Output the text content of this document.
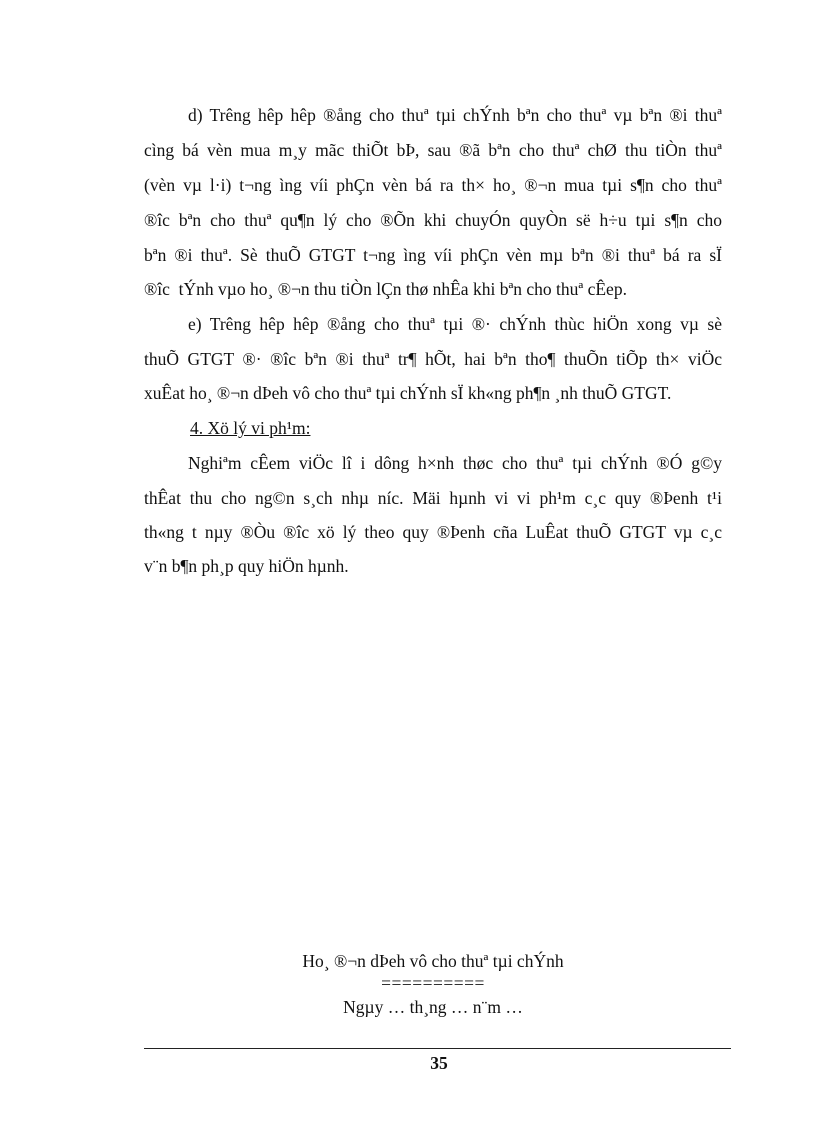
d) Trêng hêp hêp ®ång cho thuª tµi chÝnh bªn cho thuª vµ bªn ®i thuª
cìng bá vèn mua m¸y mãc thiÕt bÞ, sau ®ã bªn cho thuª chØ thu tiÒn thuª
(vèn vµ l·i) t¬ng ìng víi phÇn vèn bá ra th× ho¸ ®¬n mua tµi s¶n cho thuª
®îc bªn cho thuª qu¶n lý cho ®Õn khi chuyÓn quyÒn së h÷u tµi s¶n cho
bªn ®i thuª. Sè thuÕ GTGT t¬ng ìng víi phÇn vèn mµ bªn ®i thuª bá ra sÏ
®îc  tÝnh vµo ho¸ ®¬n thu tiÒn lÇn thø nhÊa khi bªn cho thuª cÊep.
e) Trêng hêp hêp ®ång cho thuª tµi ®· chÝnh thùc hiÖn xong vµ sè
thuÕ GTGT ®· ®îc bªn ®i thuª tr¶ hÕt, hai bªn tho¶ thuÕn tiÕp th× viÖc
xuÊat ho¸ ®¬n dÞeh vô cho thuª tµi chÝnh sÏ kh«ng ph¶n ¸nh thuÕ GTGT.
4. Xö lý vi ph¹m:
Nghiªm cÊem viÖc lî i dông h×nh thøc cho thuª tµi chÝnh ®Ó g©y
thÊat thu cho ng©n s¸ch nhµ níc. Mäi hµnh vi vi ph¹m c¸c quy ®Þenh t¹i
th«ng t nµy ®Òu ®îc xö lý theo quy ®Þenh cña LuÊat thuÕ GTGT vµ c¸c
v¨n b¶n ph¸p quy hiÖn hµnh.
Ho¸ ®¬n dÞeh vô cho thuª tµi chÝnh
==========
Ngµy … th¸ng … n¨m …
35
